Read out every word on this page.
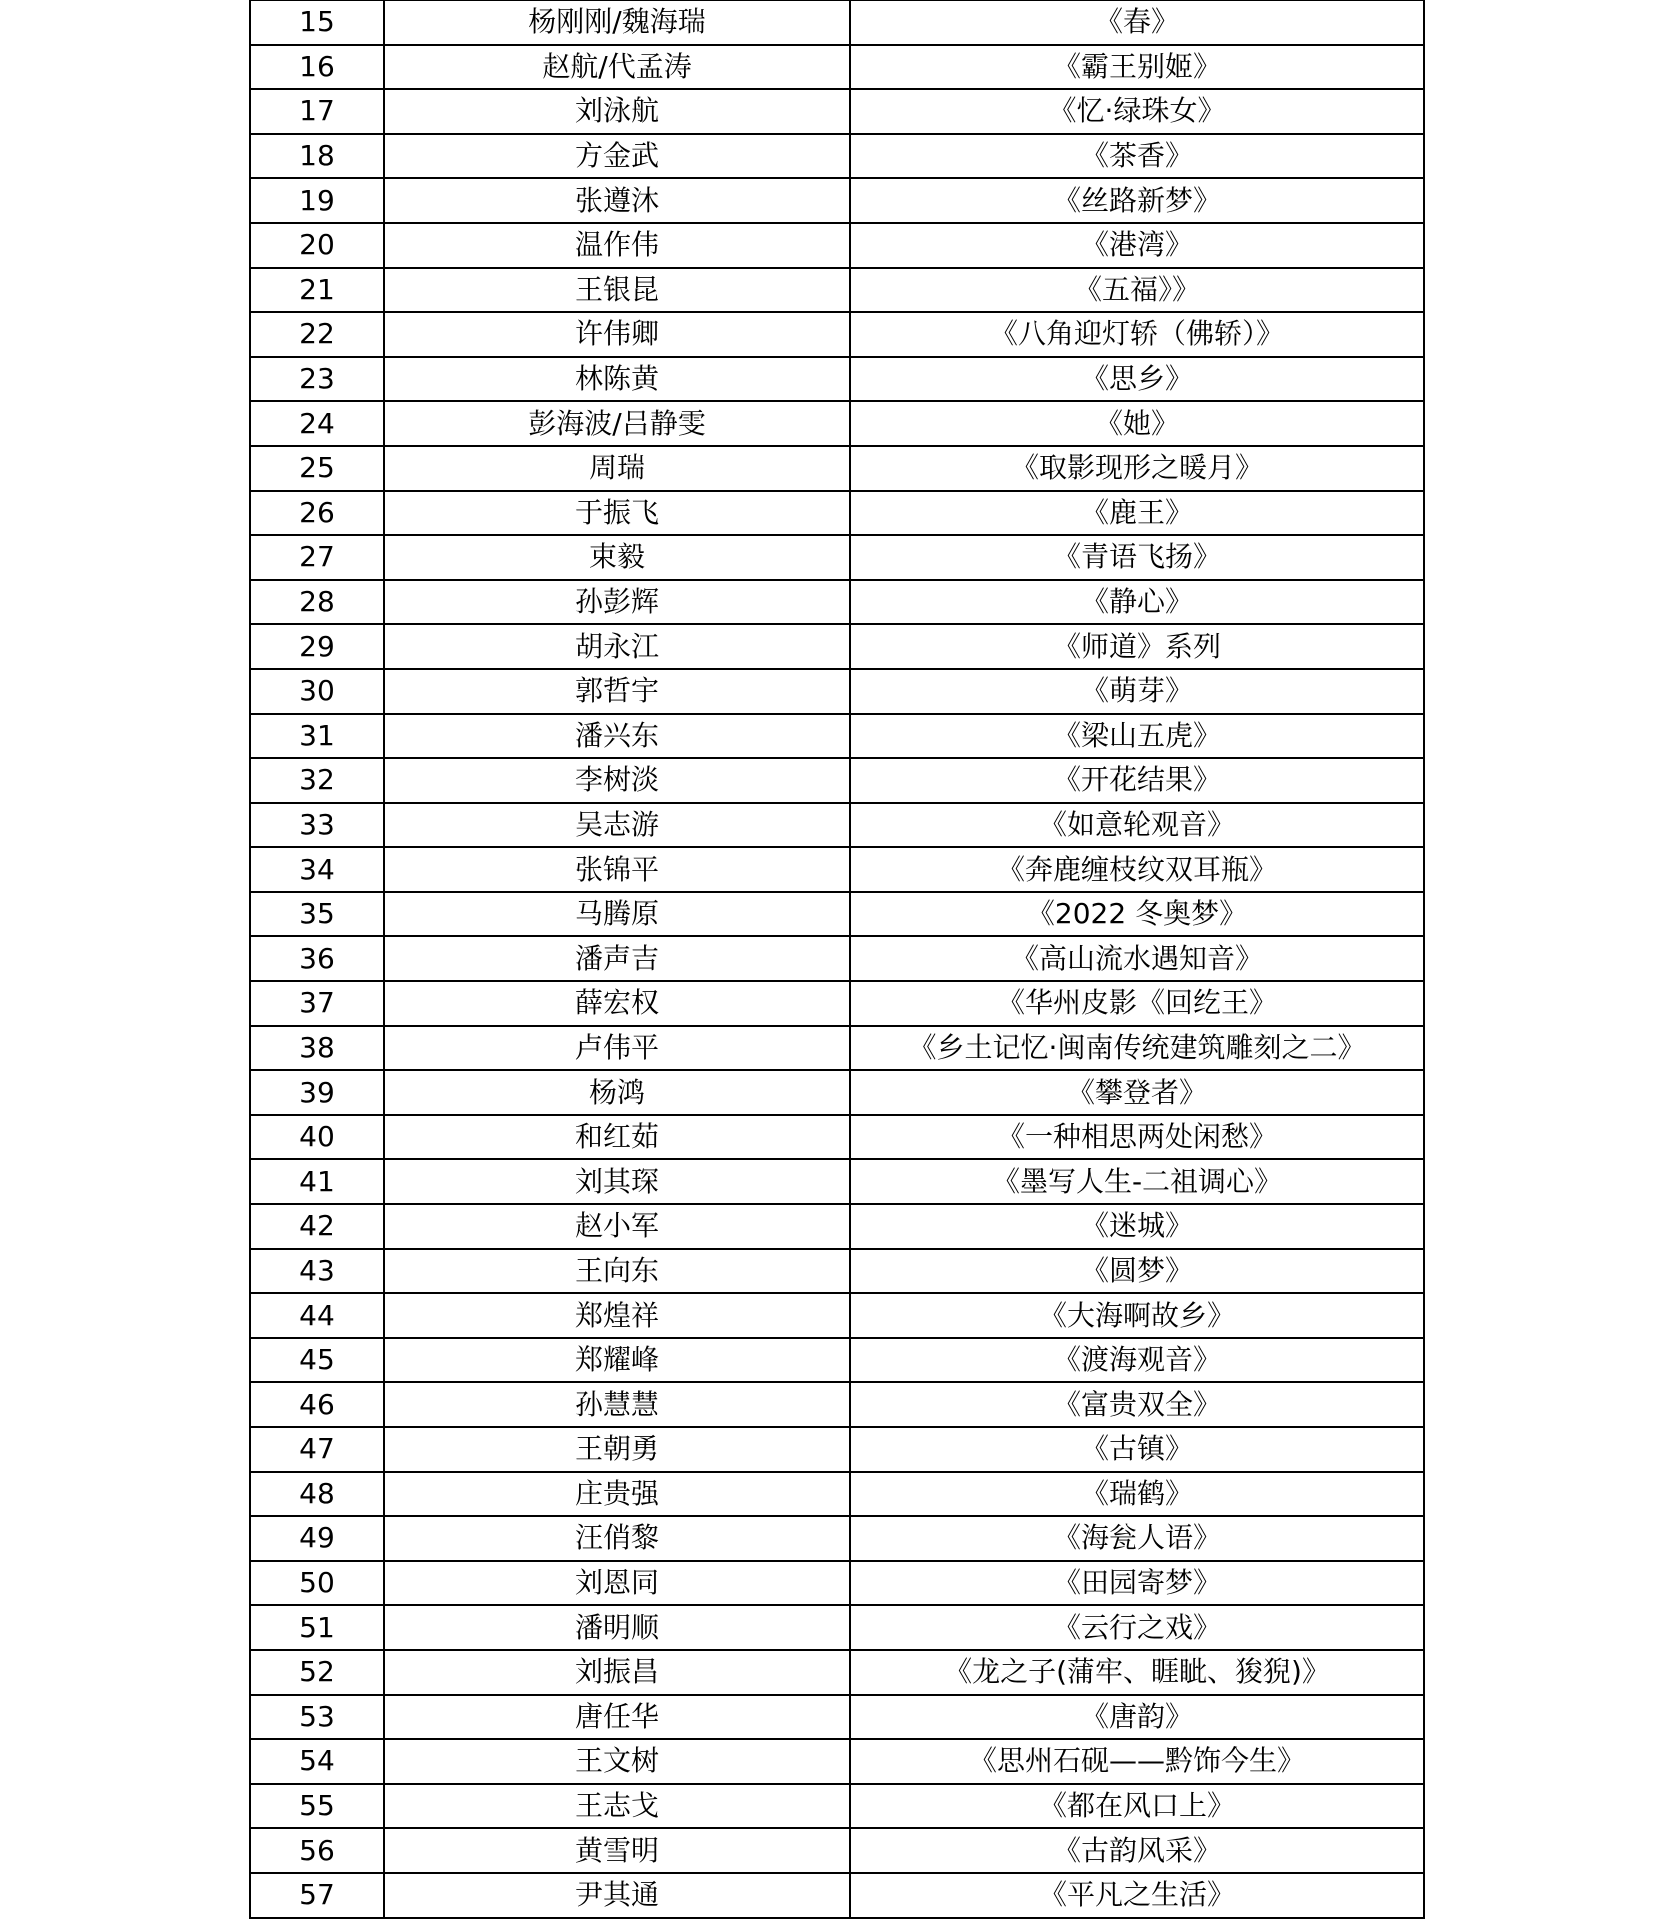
15	杨刚刚/魏海瑞	《春》
16	赵航/代孟涛	《霸王别姬》
17	刘泳航	《忆·绿珠女》
18	方金武	《茶香》
19	张遵沐	《丝路新梦》
20	温作伟	《港湾》
21	王银昆	《五福》》
22	许伟卿	《八角迎灯轿（佛轿）》
23	林陈黄	《思乡》
24	彭海波/吕静雯	《她》
25	周瑞	《取影现形之暖月》
26	于振飞	《鹿王》
27	束毅	《青语飞扬》
28	孙彭辉	《静心》
29	胡永江	《师道》系列
30	郭哲宇	《萌芽》
31	潘兴东	《梁山五虎》
32	李树淡	《开花结果》
33	吴志游	《如意轮观音》
34	张锦平	《奔鹿缠枝纹双耳瓶》
35	马腾原	《2022 冬奥梦》
36	潘声吉	《高山流水遇知音》
37	薛宏权	《华州皮影《回纥王》
38	卢伟平	《乡土记忆·闽南传统建筑雕刻之二》
39	杨鸿	《攀登者》
40	和红茹	《一种相思两处闲愁》
41	刘其琛	《墨写人生-二祖调心》
42	赵小军	《迷城》
43	王向东	《圆梦》
44	郑煌祥	《大海啊故乡》
45	郑耀峰	《渡海观音》
46	孙慧慧	《富贵双全》
47	王朝勇	《古镇》
48	庄贵强	《瑞鹤》
49	汪俏黎	《海瓮人语》
50	刘恩同	《田园寄梦》
51	潘明顺	《云行之戏》
52	刘振昌	《龙之子(蒲牢、睚眦、狻猊)》
53	唐任华	《唐韵》
54	王文树	《思州石砚——黔饰今生》
55	王志戈	《都在风口上》
56	黄雪明	《古韵风采》
57	尹其通	《平凡之生活》
